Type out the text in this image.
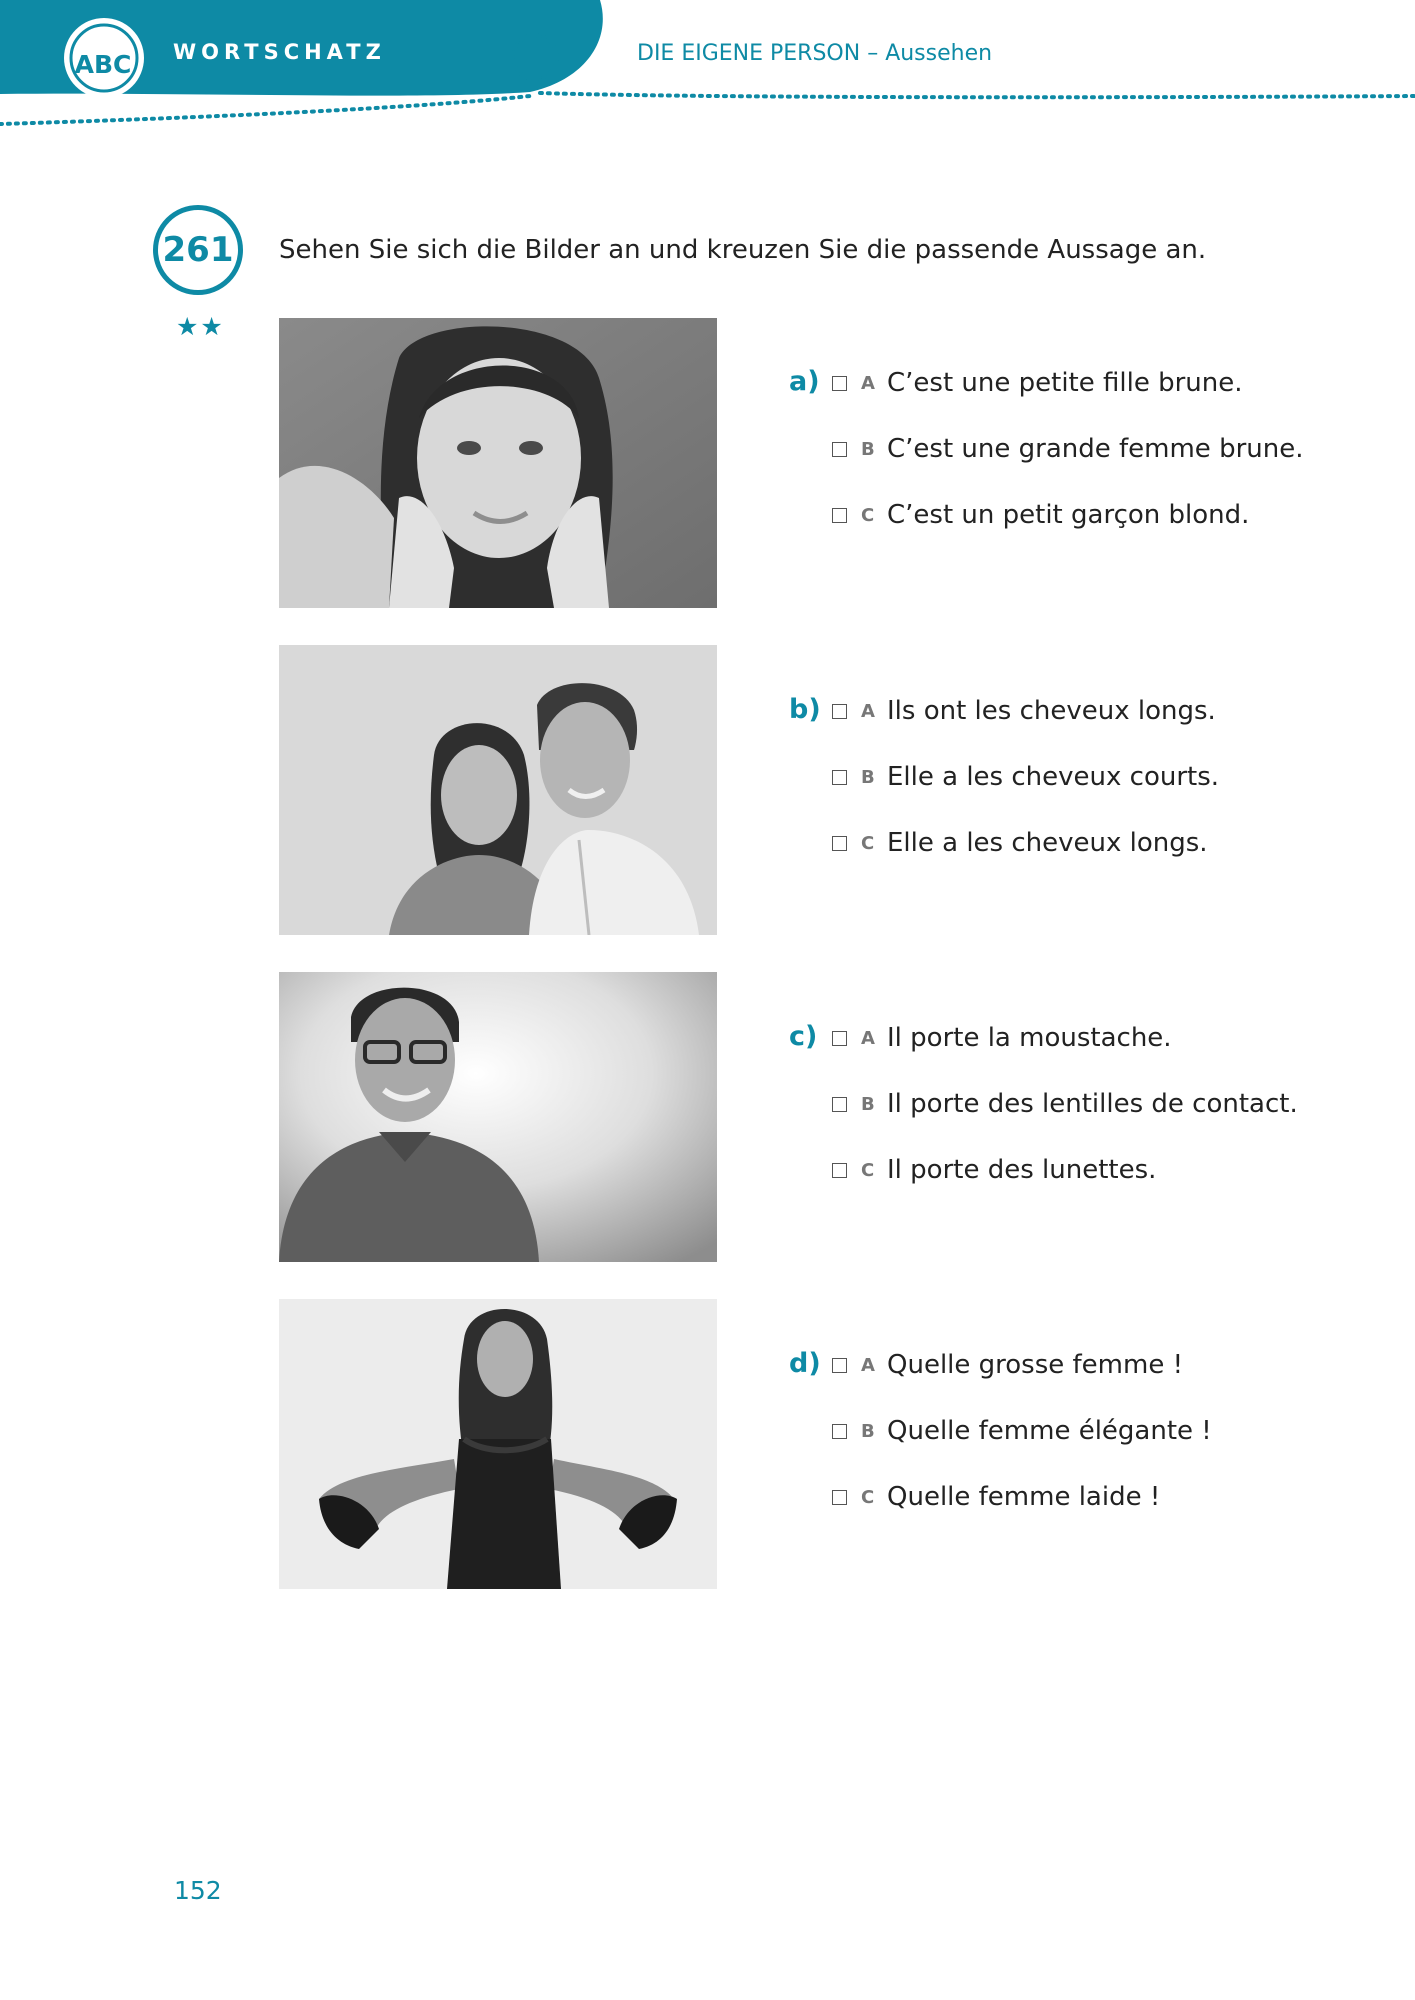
ABC	WORTSCHATZ	DIE EIGENE PERSON – Aussehen
261
★★
Sehen Sie sich die Bilder an und kreuzen Sie die passende Aussage an.
a) A C’est une petite fille brune.
B C’est une grande femme brune.
C C’est un petit garçon blond.
b) A Ils ont les cheveux longs.
B Elle a les cheveux courts.
C Elle a les cheveux longs.
c) A Il porte la moustache.
B Il porte des lentilles de contact.
C Il porte des lunettes.
d) A Quelle grosse femme !
B Quelle femme élégante !
C Quelle femme laide !
152
